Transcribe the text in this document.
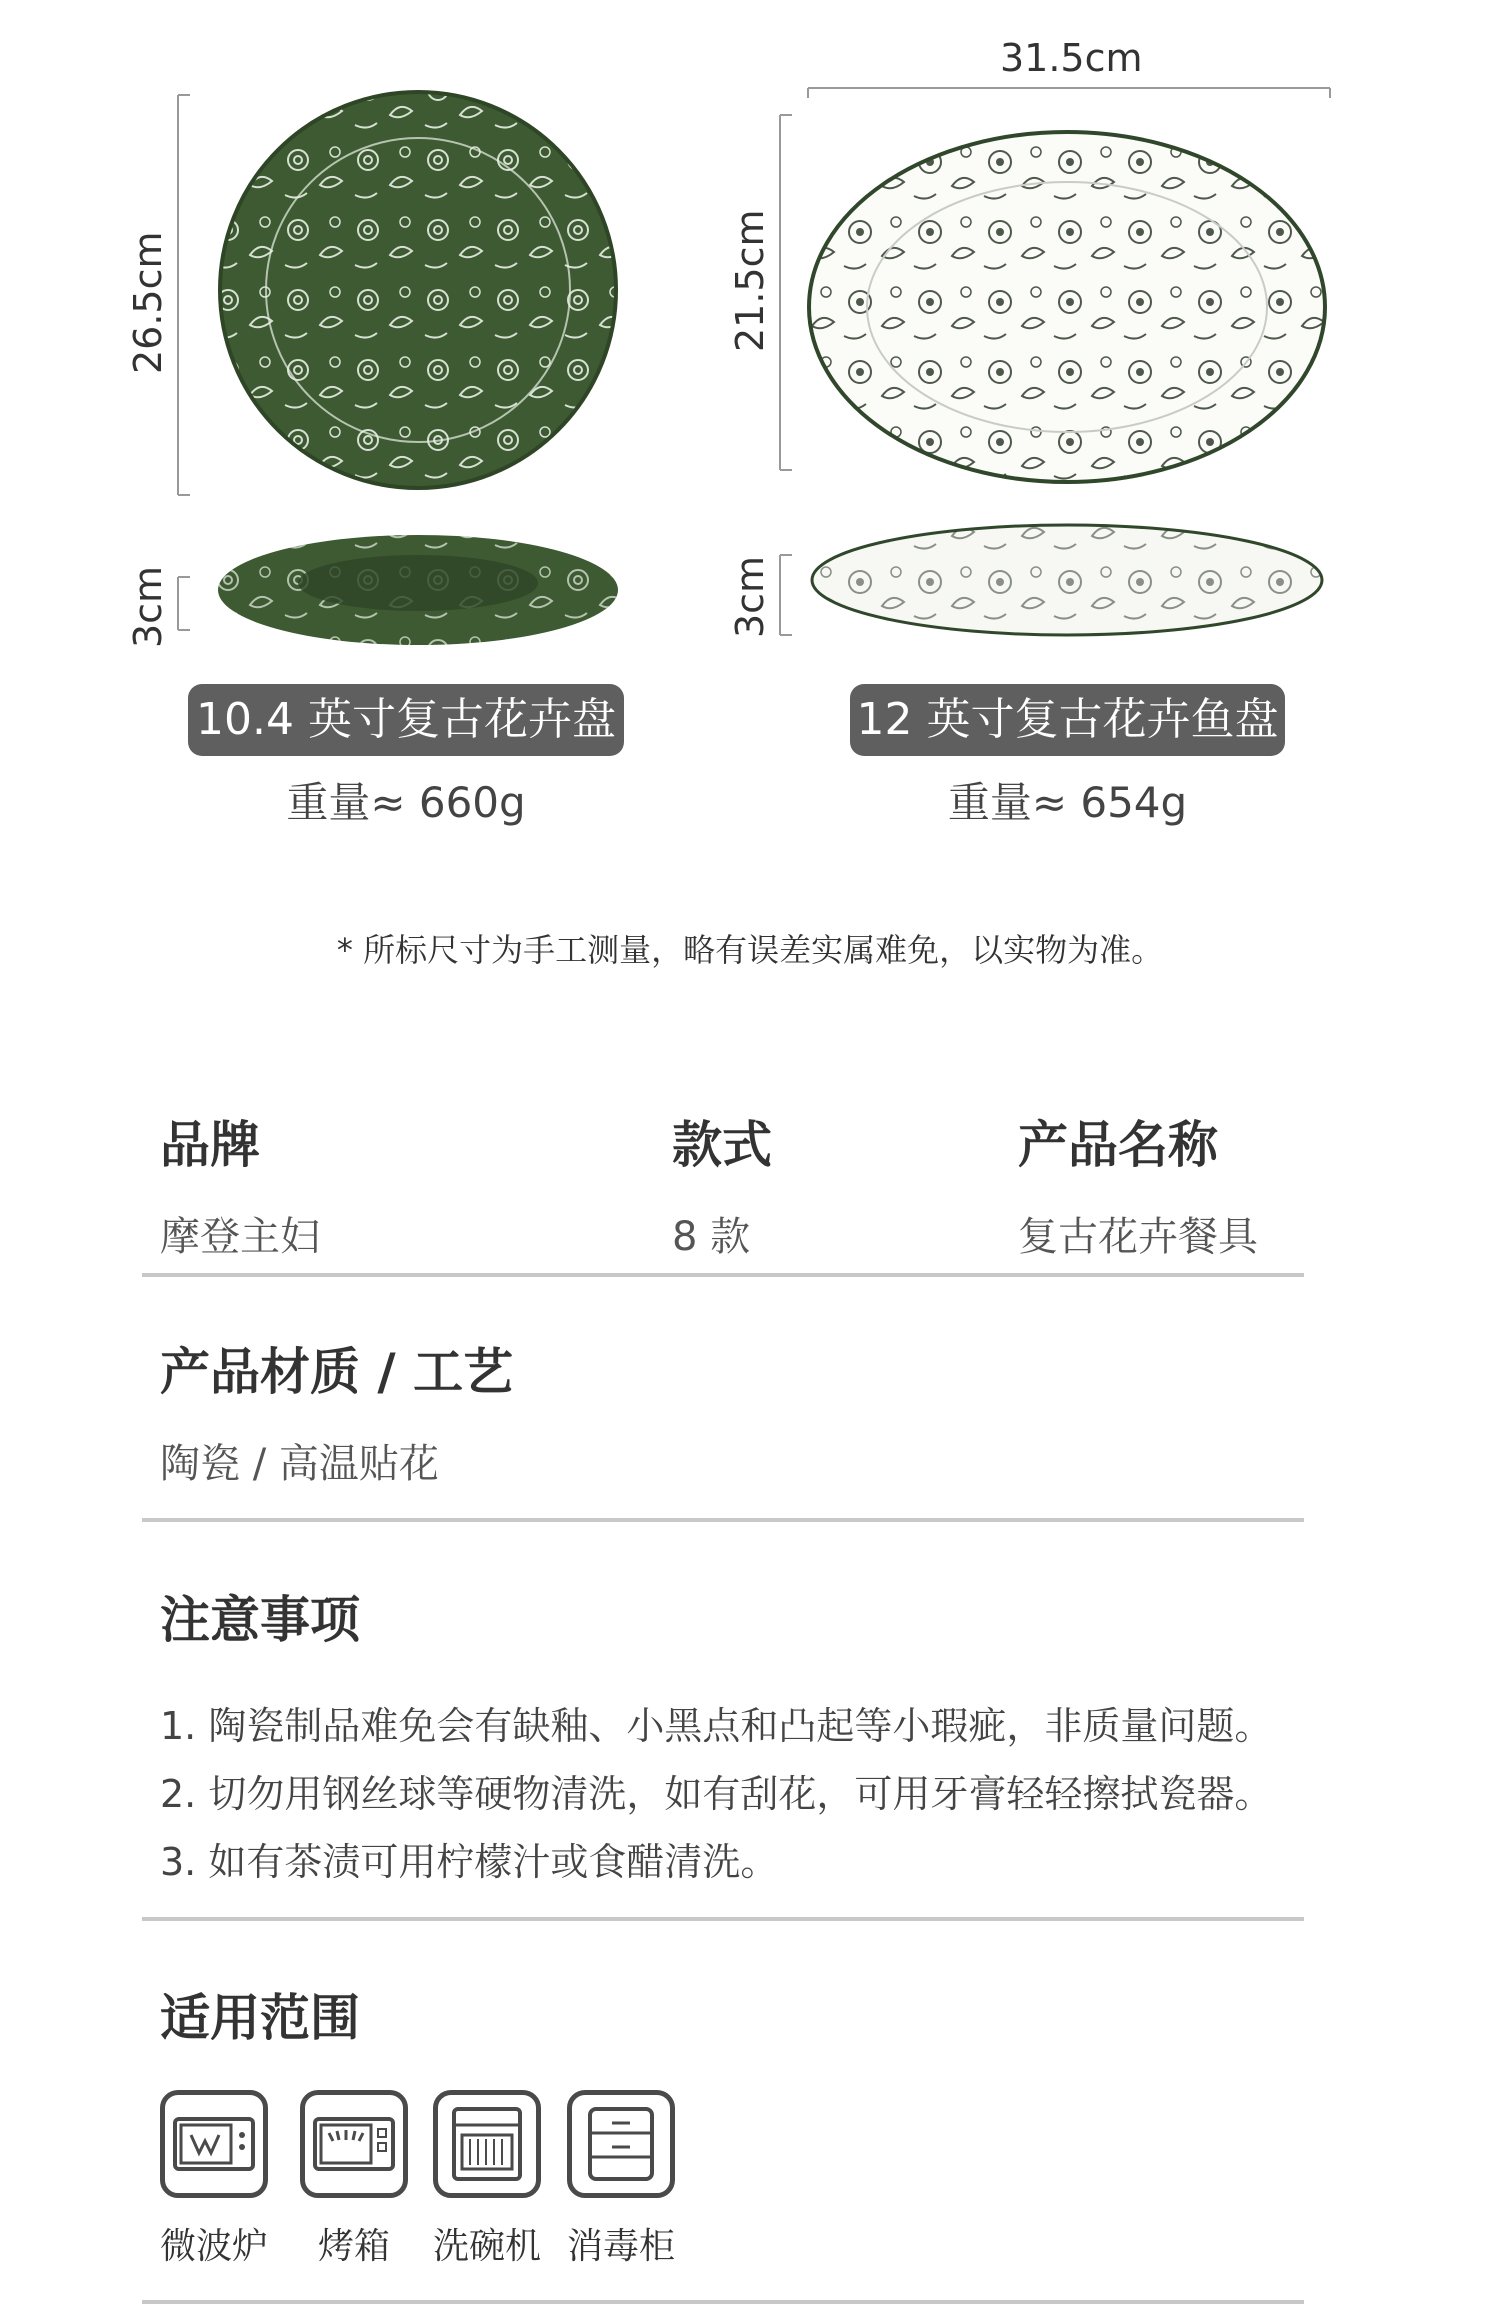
26.5cm
3cm
31.5cm
21.5cm
3cm
10.4 英寸复古花卉盘	12 英寸复古花卉鱼盘
重量≈ 660g	重量≈ 654g
* 所标尺寸为手工测量，略有误差实属难免，以实物为准。
品牌	款式	产品名称
摩登主妇	8 款	复古花卉餐具
产品材质 / 工艺
陶瓷 / 高温贴花
注意事项
1. 陶瓷制品难免会有缺釉、小黑点和凸起等小瑕疵，非质量问题。
2. 切勿用钢丝球等硬物清洗，如有刮花，可用牙膏轻轻擦拭瓷器。
3. 如有茶渍可用柠檬汁或食醋清洗。
适用范围
微波炉	烤箱	洗碗机 消毒柜
